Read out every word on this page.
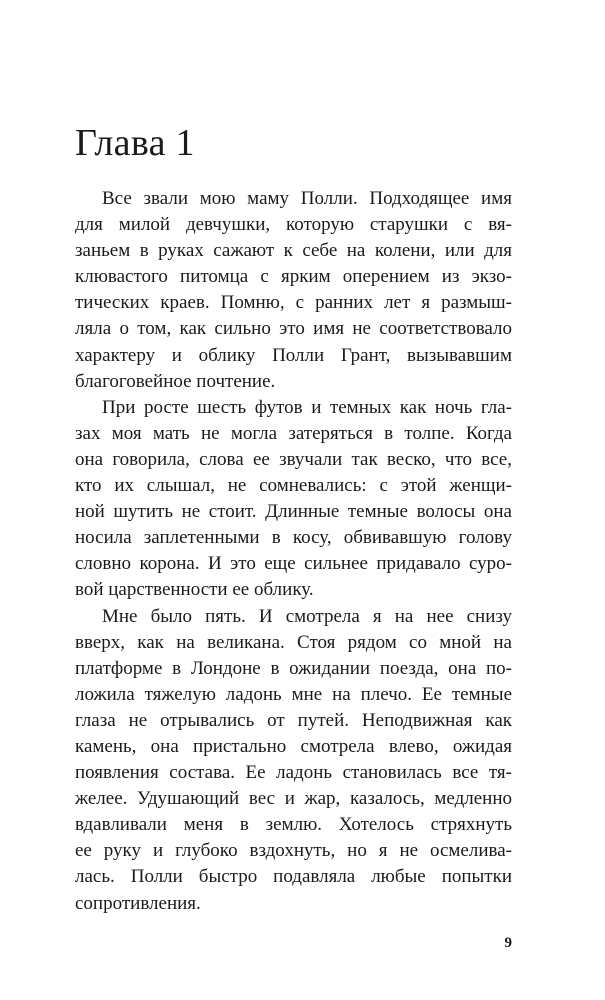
Глава 1
Все звали мою маму Полли. Подходящее имя
для милой девчушки, которую старушки с вя-
заньем в руках сажают к себе на колени, или для
клювастого питомца с ярким оперением из экзо-
тических краев. Помню, с ранних лет я размыш-
ляла о том, как сильно это имя не соответствовало
характеру и облику Полли Грант, вызывавшим
благоговейное почтение.
При росте шесть футов и темных как ночь гла-
зах моя мать не могла затеряться в толпе. Когда
она говорила, слова ее звучали так веско, что все,
кто их слышал, не сомневались: с этой женщи-
ной шутить не стоит. Длинные темные волосы она
носила заплетенными в косу, обвивавшую голову
словно корона. И это еще сильнее придавало суро-
вой царственности ее облику.
Мне было пять. И смотрела я на нее снизу
вверх, как на великана. Стоя рядом со мной на
платформе в Лондоне в ожидании поезда, она по-
ложила тяжелую ладонь мне на плечо. Ее темные
глаза не отрывались от путей. Неподвижная как
камень, она пристально смотрела влево, ожидая
появления состава. Ее ладонь становилась все тя-
желее. Удушающий вес и жар, казалось, медленно
вдавливали меня в землю. Хотелось стряхнуть
ее руку и глубоко вздохнуть, но я не осмелива-
лась. Полли быстро подавляла любые попытки
сопротивления.
9
